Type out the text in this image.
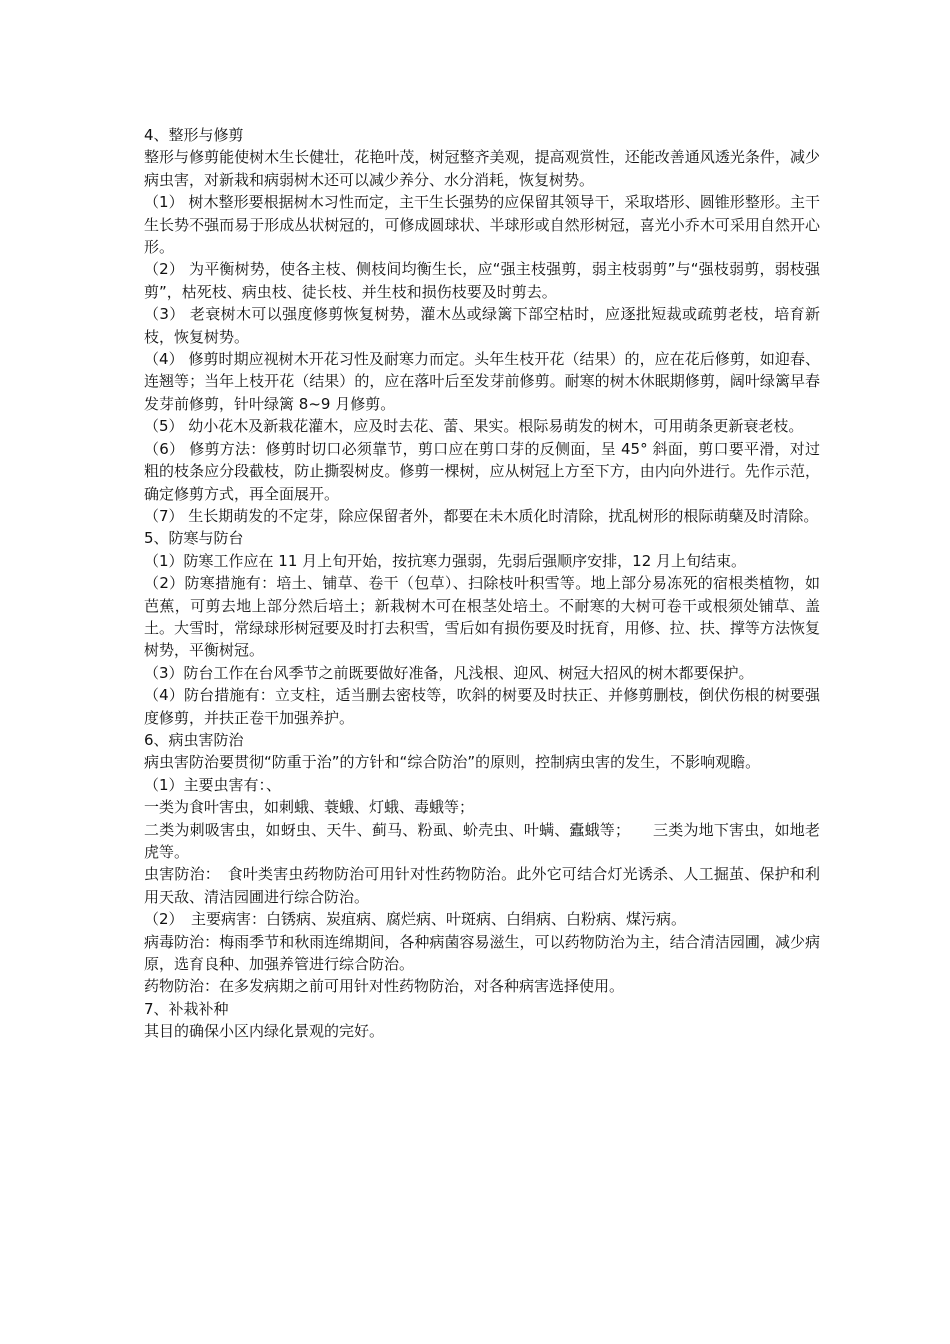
4、整形与修剪

整形与修剪能使树木生长健壮，花艳叶茂，树冠整齐美观，提高观赏性，还能改善通风透光条件，减少病虫害，对新栽和病弱树木还可以减少养分、水分消耗，恢复树势。

（1） 树木整形要根据树木习性而定，主干生长强势的应保留其领导干，采取塔形、圆锥形整形。主干生长势不强而易于形成丛状树冠的，可修成圆球状、半球形或自然形树冠，喜光小乔木可采用自然开心形。

（2） 为平衡树势，使各主枝、侧枝间均衡生长，应“强主枝强剪，弱主枝弱剪”与“强枝弱剪，弱枝强剪”，枯死枝、病虫枝、徒长枝、并生枝和损伤枝要及时剪去。

（3） 老衰树木可以强度修剪恢复树势，灌木丛或绿篱下部空枯时，应逐批短裁或疏剪老枝，培育新枝，恢复树势。

（4） 修剪时期应视树木开花习性及耐寒力而定。头年生枝开花（结果）的，应在花后修剪，如迎春、连翘等；当年上枝开花（结果）的，应在落叶后至发芽前修剪。耐寒的树木休眠期修剪，阔叶绿篱早春发芽前修剪，针叶绿篱 8~9 月修剪。

（5） 幼小花木及新栽花灌木，应及时去花、蕾、果实。根际易萌发的树木，可用萌条更新衰老枝。

（6） 修剪方法：修剪时切口必须靠节，剪口应在剪口芽的反侧面，呈 45° 斜面，剪口要平滑，对过粗的枝条应分段截枝，防止撕裂树皮。修剪一棵树，应从树冠上方至下方，由内向外进行。先作示范，确定修剪方式，再全面展开。

（7） 生长期萌发的不定芽，除应保留者外，都要在未木质化时清除，扰乱树形的根际萌蘖及时清除。

5、防寒与防台

（1）防寒工作应在 11 月上旬开始，按抗寒力强弱，先弱后强顺序安排，12 月上旬结束。

（2）防寒措施有：培土、铺草、卷干（包草）、扫除枝叶积雪等。地上部分易冻死的宿根类植物，如芭蕉，可剪去地上部分然后培土；新栽树木可在根茎处培土。不耐寒的大树可卷干或根须处铺草、盖土。大雪时，常绿球形树冠要及时打去积雪，雪后如有损伤要及时抚育，用修、拉、扶、撑等方法恢复树势，平衡树冠。

（3）防台工作在台风季节之前既要做好准备，凡浅根、迎风、树冠大招风的树木都要保护。

（4）防台措施有：立支柱，适当删去密枝等，吹斜的树要及时扶正、并修剪删枝，倒伏伤根的树要强度修剪，并扶正卷干加强养护。

6、病虫害防治

病虫害防治要贯彻“防重于治”的方针和“综合防治”的原则，控制病虫害的发生，不影响观瞻。

（1）主要虫害有：、

一类为食叶害虫，如刺蛾、蓑蛾、灯蛾、毒蛾等；

二类为刺吸害虫，如蚜虫、天牛、蓟马、粉虱、蚧壳虫、叶螨、蠹蛾等；　　三类为地下害虫，如地老虎等。

虫害防治：　食叶类害虫药物防治可用针对性药物防治。此外它可结合灯光诱杀、人工掘茧、保护和利用天敌、清洁园圃进行综合防治。

（2）　主要病害：白锈病、炭疽病、腐烂病、叶斑病、白绢病、白粉病、煤污病。

病毒防治：梅雨季节和秋雨连绵期间，各种病菌容易滋生，可以药物防治为主，结合清洁园圃，减少病原，选育良种、加强养管进行综合防治。

药物防治：在多发病期之前可用针对性药物防治，对各种病害选择使用。

7、补栽补种

其目的确保小区内绿化景观的完好。
